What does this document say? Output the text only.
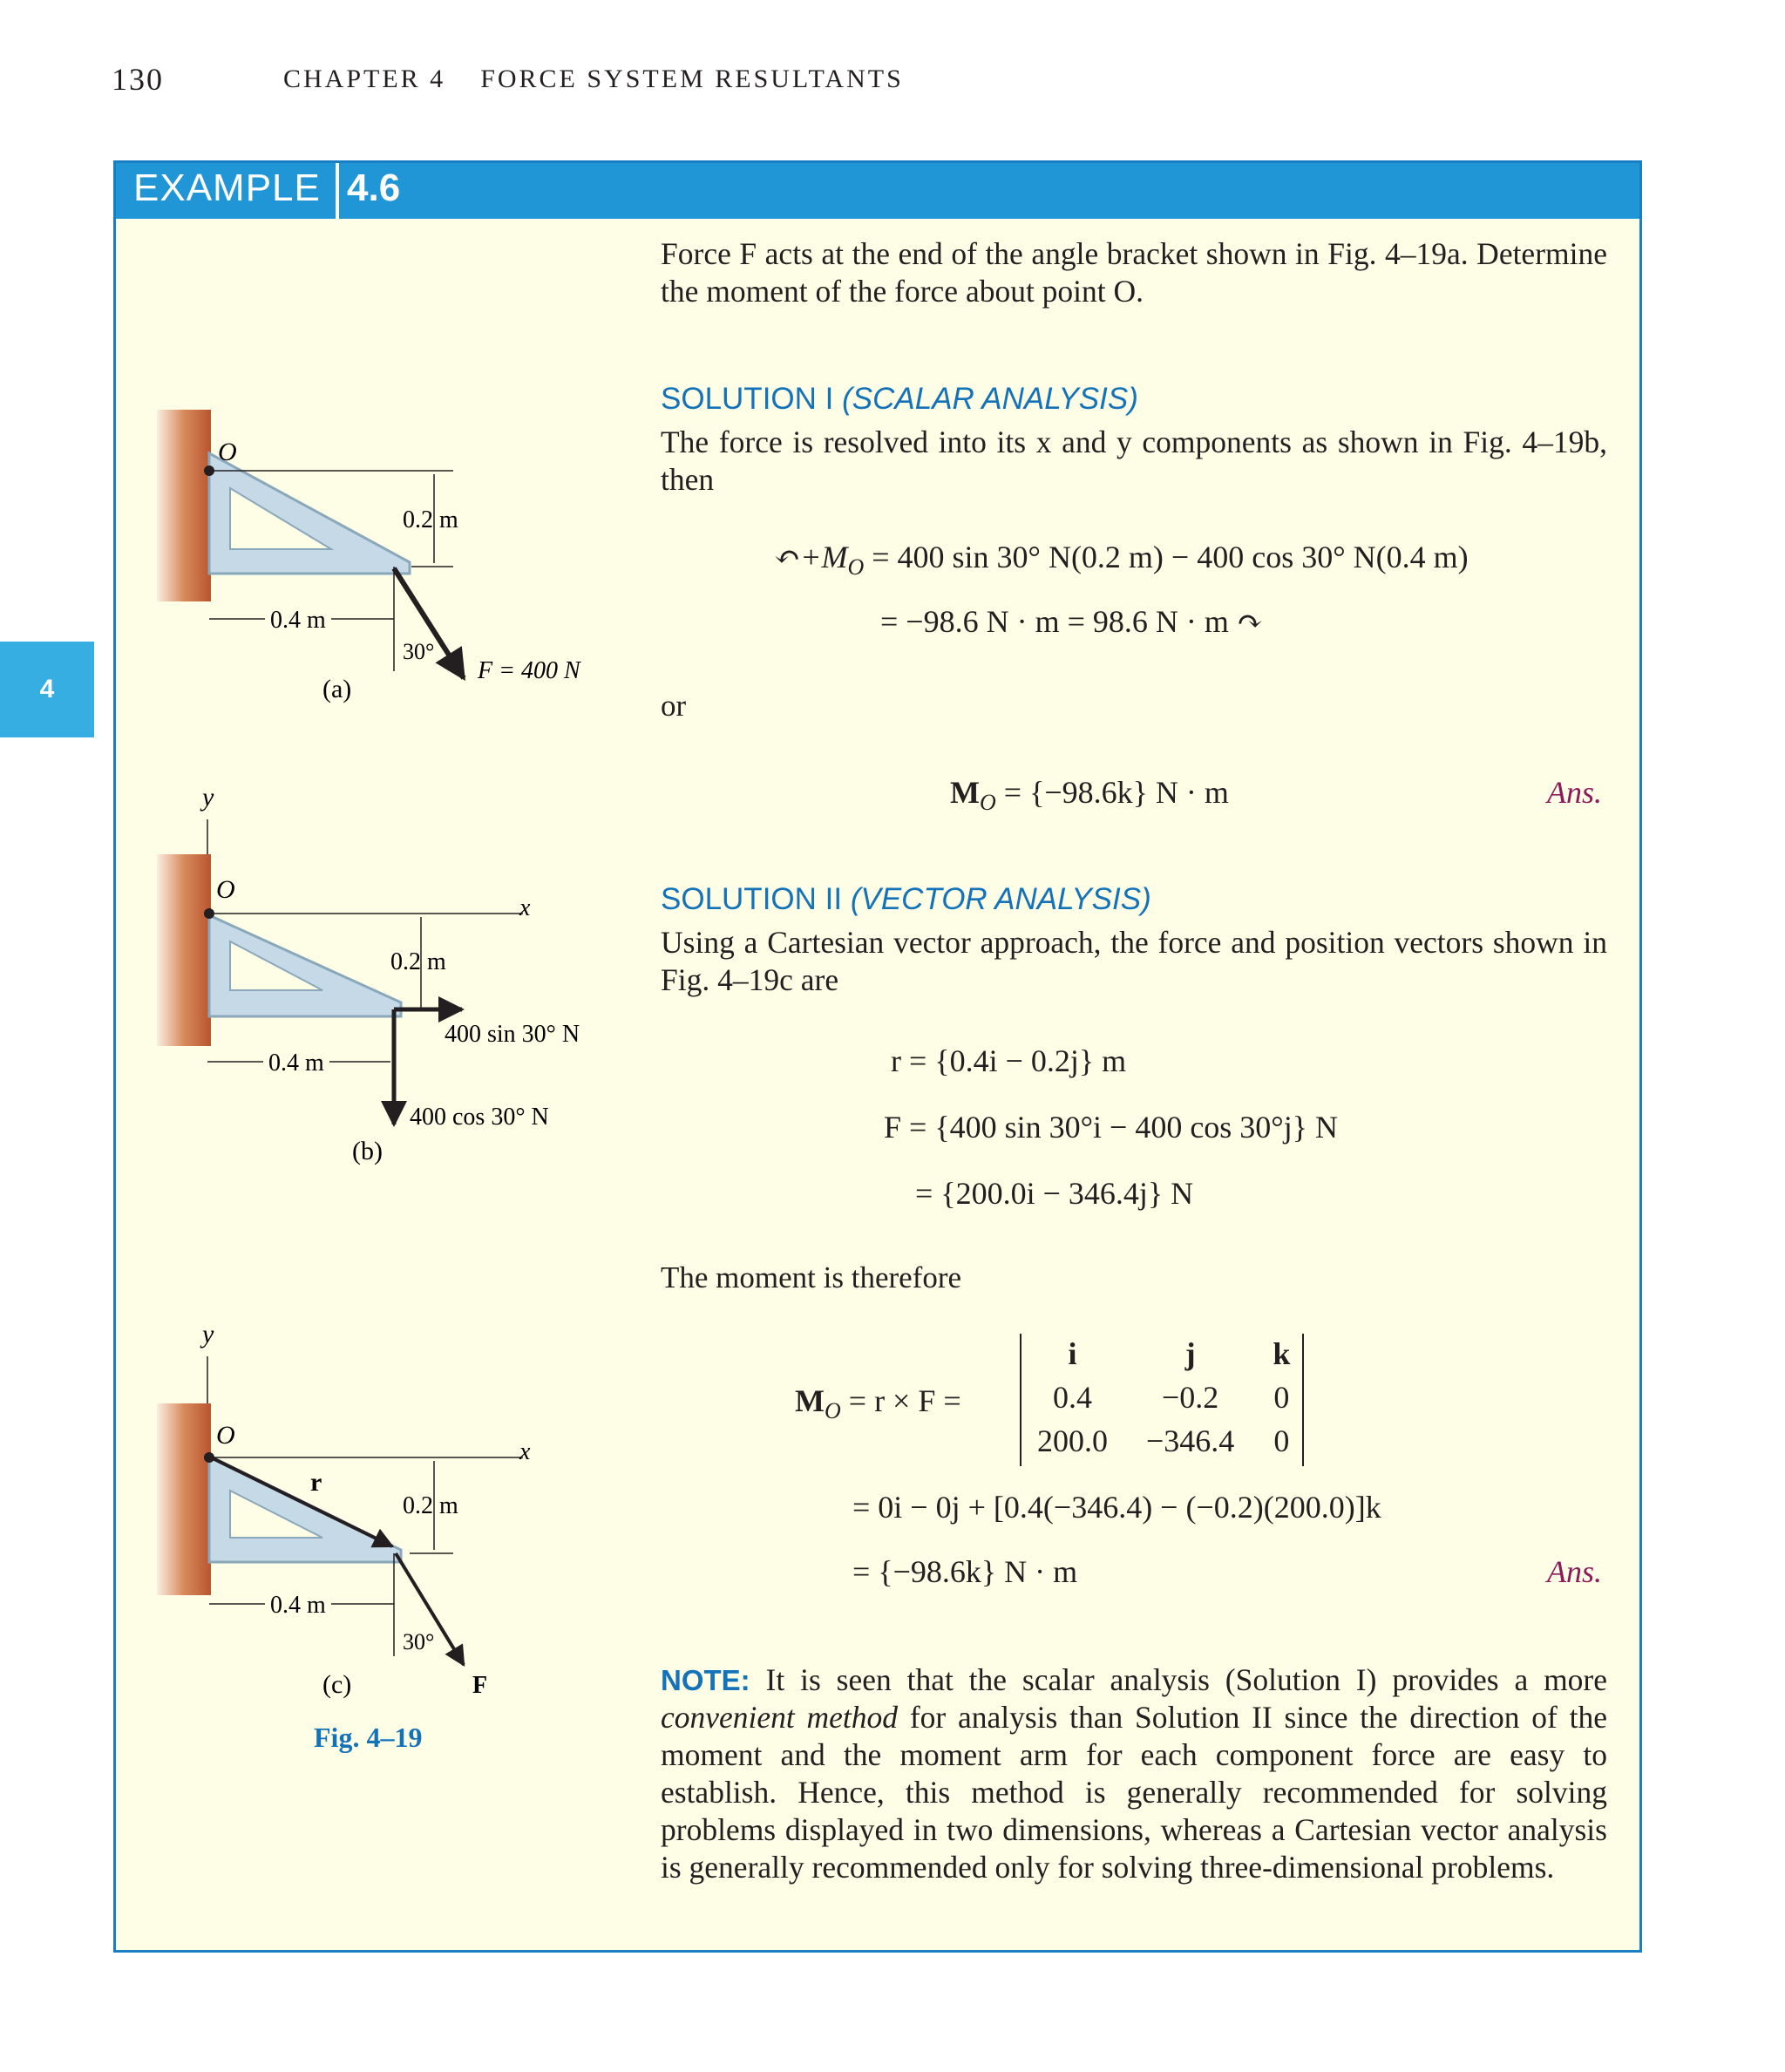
130	CHAPTER 4 FORCE SYSTEM RESULTANTS
4
EXAMPLE 4.6
Force F acts at the end of the angle bracket shown in Fig. 4–19a. Determine the moment of the force about point O.
SOLUTION I (SCALAR ANALYSIS)
The force is resolved into its x and y components as shown in Fig. 4–19b, then
$↶+M_O = 400$ sin 30° N(0.2 m) − 400 cos 30° N(0.4 m)
= −98.6 N · m = 98.6 N · m ↷
or
$M_O = \{-98.6k\} N \cdot m$	Ans.
SOLUTION II (VECTOR ANALYSIS)
Using a Cartesian vector approach, the force and position vectors shown in Fig. 4–19c are
r = {0.4i − 0.2j} m
F = {400 sin 30°i − 400 cos 30°j} N
= {200.0i − 346.4j} N
The moment is therefore
$M_O = r \times F$ =
i	j	k
0.4	−0.2	0
200.0	−346.4	0
= 0i − 0j + [0.4(−346.4) − (−0.2)(200.0)]k
= {−98.6k} N · m	Ans.
NOTE: It is seen that the scalar analysis (Solution I) provides a more convenient method for analysis than Solution II since the direction of the moment and the moment arm for each component force are easy to establish. Hence, this method is generally recommended for solving problems displayed in two dimensions, whereas a Cartesian vector analysis is generally recommended only for solving three-dimensional problems.
O
0.2 m
0.4 m
30°
F = 400 N
(a)
y
O
x
0.2 m
400 sin 30° N
0.4 m
400 cos 30° N
(b)
y
O
x
r
0.2 m
0.4 m
30°
F
(c)
Fig. 4–19
